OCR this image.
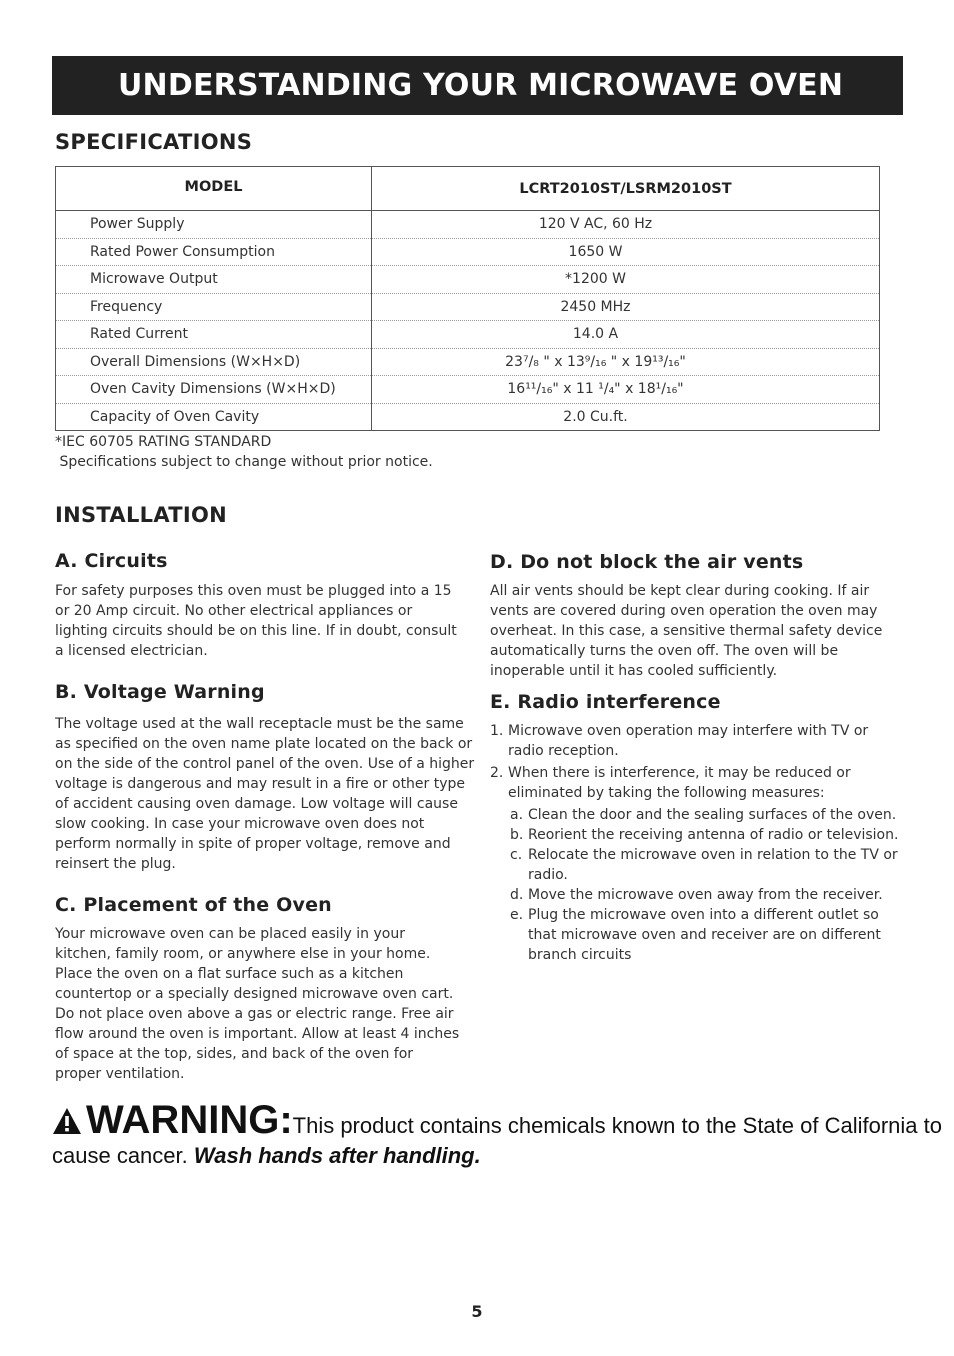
UNDERSTANDING YOUR MICROWAVE OVEN
SPECIFICATIONS
MODEL	LCRT2010ST/LSRM2010ST
Power Supply	120 V AC, 60 Hz
Rated Power Consumption	1650 W
Microwave Output	*1200 W
Frequency	2450 MHz
Rated Current	14.0 A
Overall Dimensions (W×H×D)	23⁷/₈ " x 13⁹/₁₆ " x 19¹³/₁₆"
Oven Cavity Dimensions (W×H×D)	16¹¹/₁₆" x 11 ¹/₄" x 18¹/₁₆"
Capacity of Oven Cavity	2.0 Cu.ft.
*IEC 60705 RATING STANDARD
Specifications subject to change without prior notice.
INSTALLATION
A. Circuits

For safety purposes this oven must be plugged into a 15 or 20 Amp circuit. No other electrical appliances or lighting circuits should be on this line. If in doubt, consult a licensed electrician.

B. Voltage Warning

The voltage used at the wall receptacle must be the same as specified on the oven name plate located on the back or on the side of the control panel of the oven. Use of a higher voltage is dangerous and may result in a fire or other type of accident causing oven damage. Low voltage will cause slow cooking. In case your microwave oven does not perform normally in spite of proper voltage, remove and reinsert the plug.

C. Placement of the Oven

Your microwave oven can be placed easily in your kitchen, family room, or anywhere else in your home. Place the oven on a flat surface such as a kitchen countertop or a specially designed microwave oven cart. Do not place oven above a gas or electric range. Free air flow around the oven is important. Allow at least 4 inches of space at the top, sides, and back of the oven for proper ventilation.

D. Do not block the air vents

All air vents should be kept clear during cooking. If air vents are covered during oven operation the oven may overheat. In this case, a sensitive thermal safety device automatically turns the oven off. The oven will be inoperable until it has cooled sufficiently.

E. Radio interference
1. Microwave oven operation may interfere with TV or radio reception.
2. When there is interference, it may be reduced or eliminated by taking the following measures:
a. Clean the door and the sealing surfaces of the oven.
b. Reorient the receiving antenna of radio or television.
c. Relocate the microwave oven in relation to the TV or radio.
d. Move the microwave oven away from the receiver.
e. Plug the microwave oven into a different outlet so that microwave oven and receiver are on different branch circuits
WARNING:This product contains chemicals known to the State of California to cause cancer. Wash hands after handling.
5
